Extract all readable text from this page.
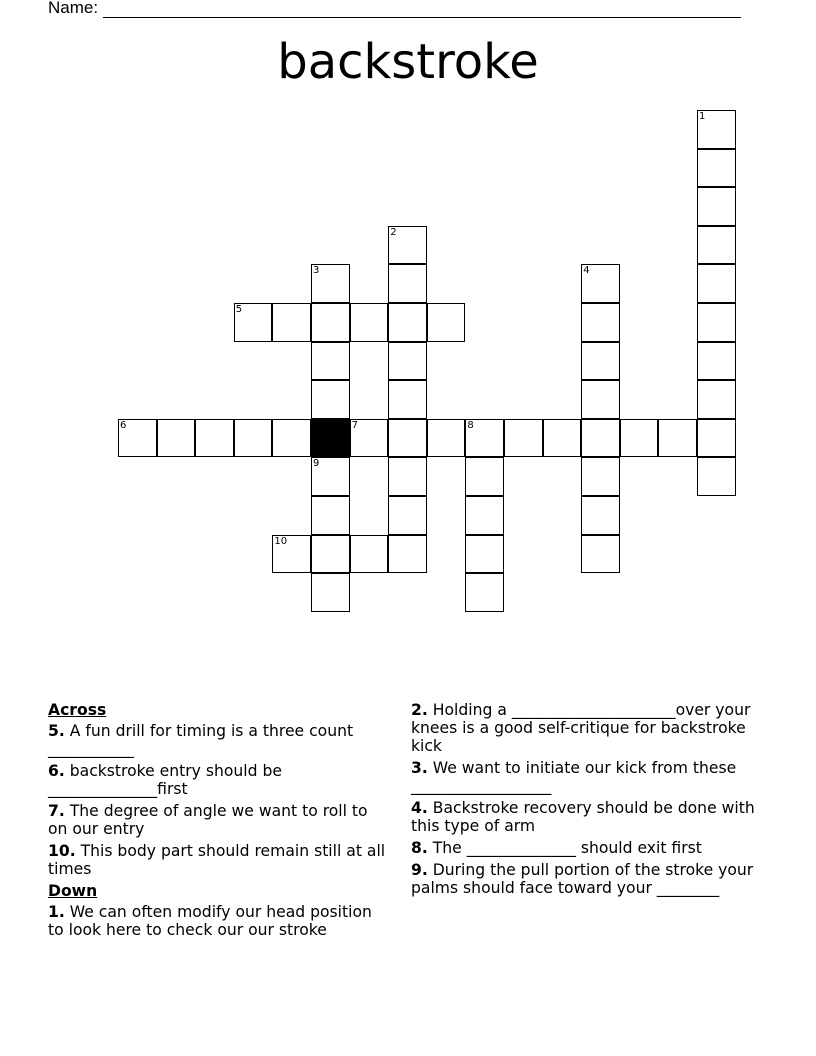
Name:
backstroke
1
2
3
9
4
5
6	7	8
10
Across
5. A fun drill for timing is a three count ___________
6. backstroke entry should be ______________first
7. The degree of angle we want to roll to on our entry
10. This body part should remain still at all times
Down
1. We can often modify our head position to look here to check our our stroke
2. Holding a _____________________over your knees is a good self-critique for backstroke kick
3. We want to initiate our kick from these __________________
4. Backstroke recovery should be done with this type of arm
8. The ______________ should exit first
9. During the pull portion of the stroke your palms should face toward your ________
